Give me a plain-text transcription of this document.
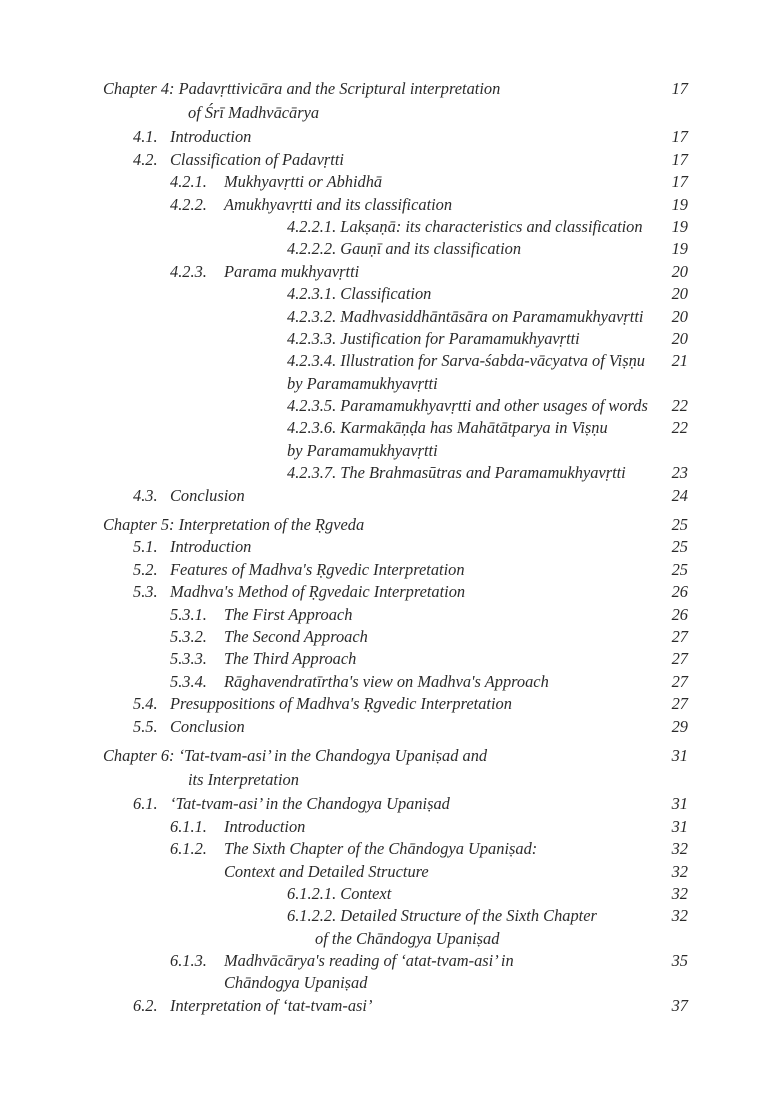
Chapter 4: Padavṛttivicāra and the Scriptural interpretation	17
of Śrī Madhvācārya
4.1. Introduction	17
4.2. Classification of Padavṛtti	17
4.2.1. Mukhyavṛtti or Abhidhā	17
4.2.2. Amukhyavṛtti and its classification	19
4.2.2.1. Lakṣaṇā: its characteristics and classification 19
4.2.2.2. Gauṇī and its classification	19
4.2.3. Parama mukhyavṛtti	20
4.2.3.1. Classification	20
4.2.3.2. Madhvasiddhāntāsāra on Paramamukhyavṛtti 20
4.2.3.3. Justification for Paramamukhyavṛtti	20
4.2.3.4. Illustration for Sarva-śabda-vācyatva of Viṣṇu 21
by Paramamukhyavṛtti
4.2.3.5. Paramamukhyavṛtti and other usages of words 22
4.2.3.6. Karmakāṇḍa has Mahātātparya in Viṣṇu	22
by Paramamukhyavṛtti
4.2.3.7. The Brahmasūtras and Paramamukhyavṛtti	23
4.3. Conclusion	24
Chapter 5: Interpretation of the Ṛgveda	25
5.1. Introduction	25
5.2. Features of Madhva's Ṛgvedic Interpretation	25
5.3. Madhva's Method of Ṛgvedaic Interpretation	26
5.3.1. The First Approach	26
5.3.2. The Second Approach	27
5.3.3. The Third Approach	27
5.3.4. Rāghavendratīrtha's view on Madhva's Approach	27
5.4. Presuppositions of Madhva's Ṛgvedic Interpretation	27
5.5. Conclusion	29
Chapter 6: ‘Tat-tvam-asi’ in the Chandogya Upaniṣad and	31
its Interpretation
6.1. ‘Tat-tvam-asi’ in the Chandogya Upaniṣad	31
6.1.1. Introduction	31
6.1.2. The Sixth Chapter of the Chāndogya Upaniṣad:	32
Context and Detailed Structure	32
6.1.2.1. Context	32
6.1.2.2. Detailed Structure of the Sixth Chapter	32
of the Chāndogya Upaniṣad
6.1.3. Madhvācārya's reading of ‘atat-tvam-asi’ in	35
Chāndogya Upaniṣad
6.2. Interpretation of ‘tat-tvam-asi’	37
